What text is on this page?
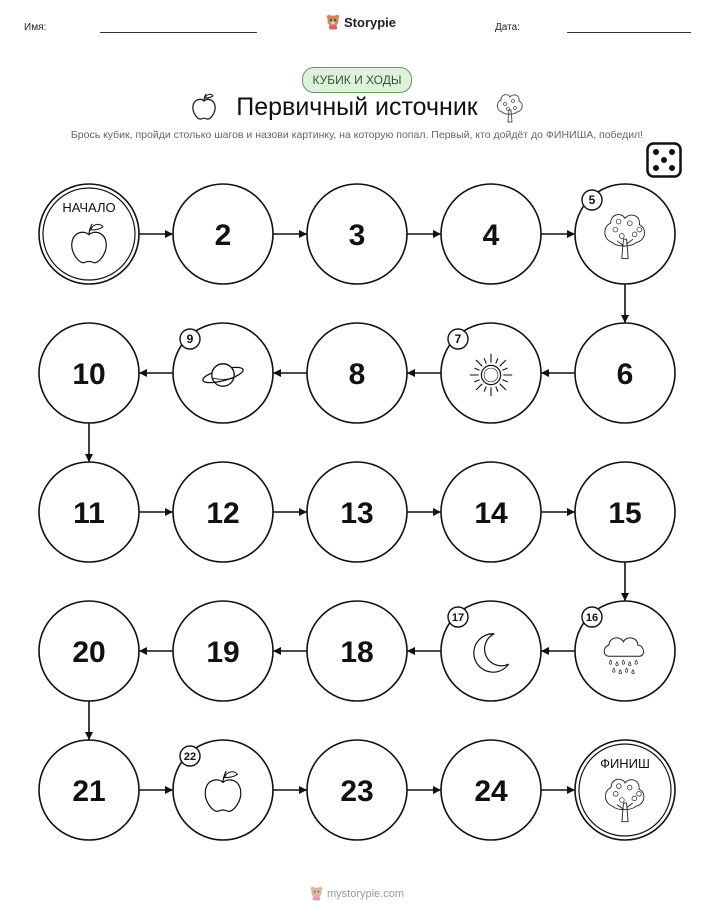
Имя:	Storypie	Дата:
КУБИК И ХОДЫ
Первичный источник
Брось кубик, пройди столько шагов и назови картинку, на которую попал. Первый, кто дойдёт до ФИНИША, победил!
НАЧАЛО
2	3	4
5
6
7
8
9
10
11	12	13	14	15
16
17
18
19
20
21
22
23	24
ФИНИШ
mystorypie.com
